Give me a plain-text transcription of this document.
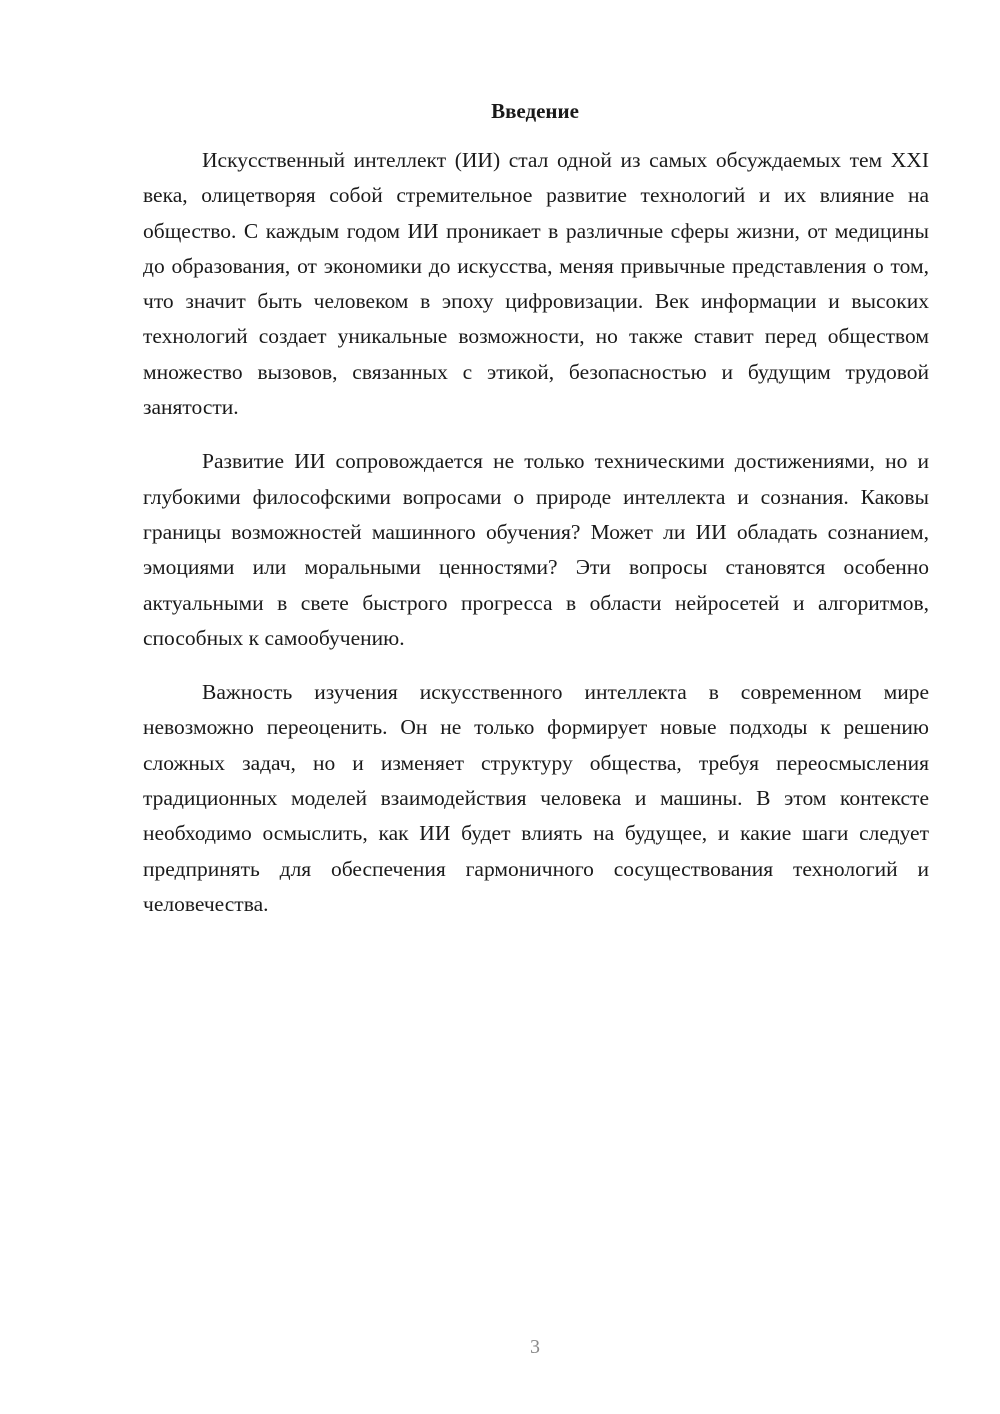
Введение

Искусственный интеллект (ИИ) стал одной из самых обсуждаемых тем XXI века, олицетворяя собой стремительное развитие технологий и их влияние на общество. С каждым годом ИИ проникает в различные сферы жизни, от медицины до образования, от экономики до искусства, меняя привычные представления о том, что значит быть человеком в эпоху цифровизации. Век информации и высоких технологий создает уникальные возможности, но также ставит перед обществом множество вызовов, связанных с этикой, безопасностью и будущим трудовой занятости.

Развитие ИИ сопровождается не только техническими достижениями, но и глубокими философскими вопросами о природе интеллекта и сознания. Каковы границы возможностей машинного обучения? Может ли ИИ обладать сознанием, эмоциями или моральными ценностями? Эти вопросы становятся особенно актуальными в свете быстрого прогресса в области нейросетей и алгоритмов, способных к самообучению.

Важность изучения искусственного интеллекта в современном мире невозможно переоценить. Он не только формирует новые подходы к решению сложных задач, но и изменяет структуру общества, требуя переосмысления традиционных моделей взаимодействия человека и машины. В этом контексте необходимо осмыслить, как ИИ будет влиять на будущее, и какие шаги следует предпринять для обеспечения гармоничного сосуществования технологий и человечества.

3
